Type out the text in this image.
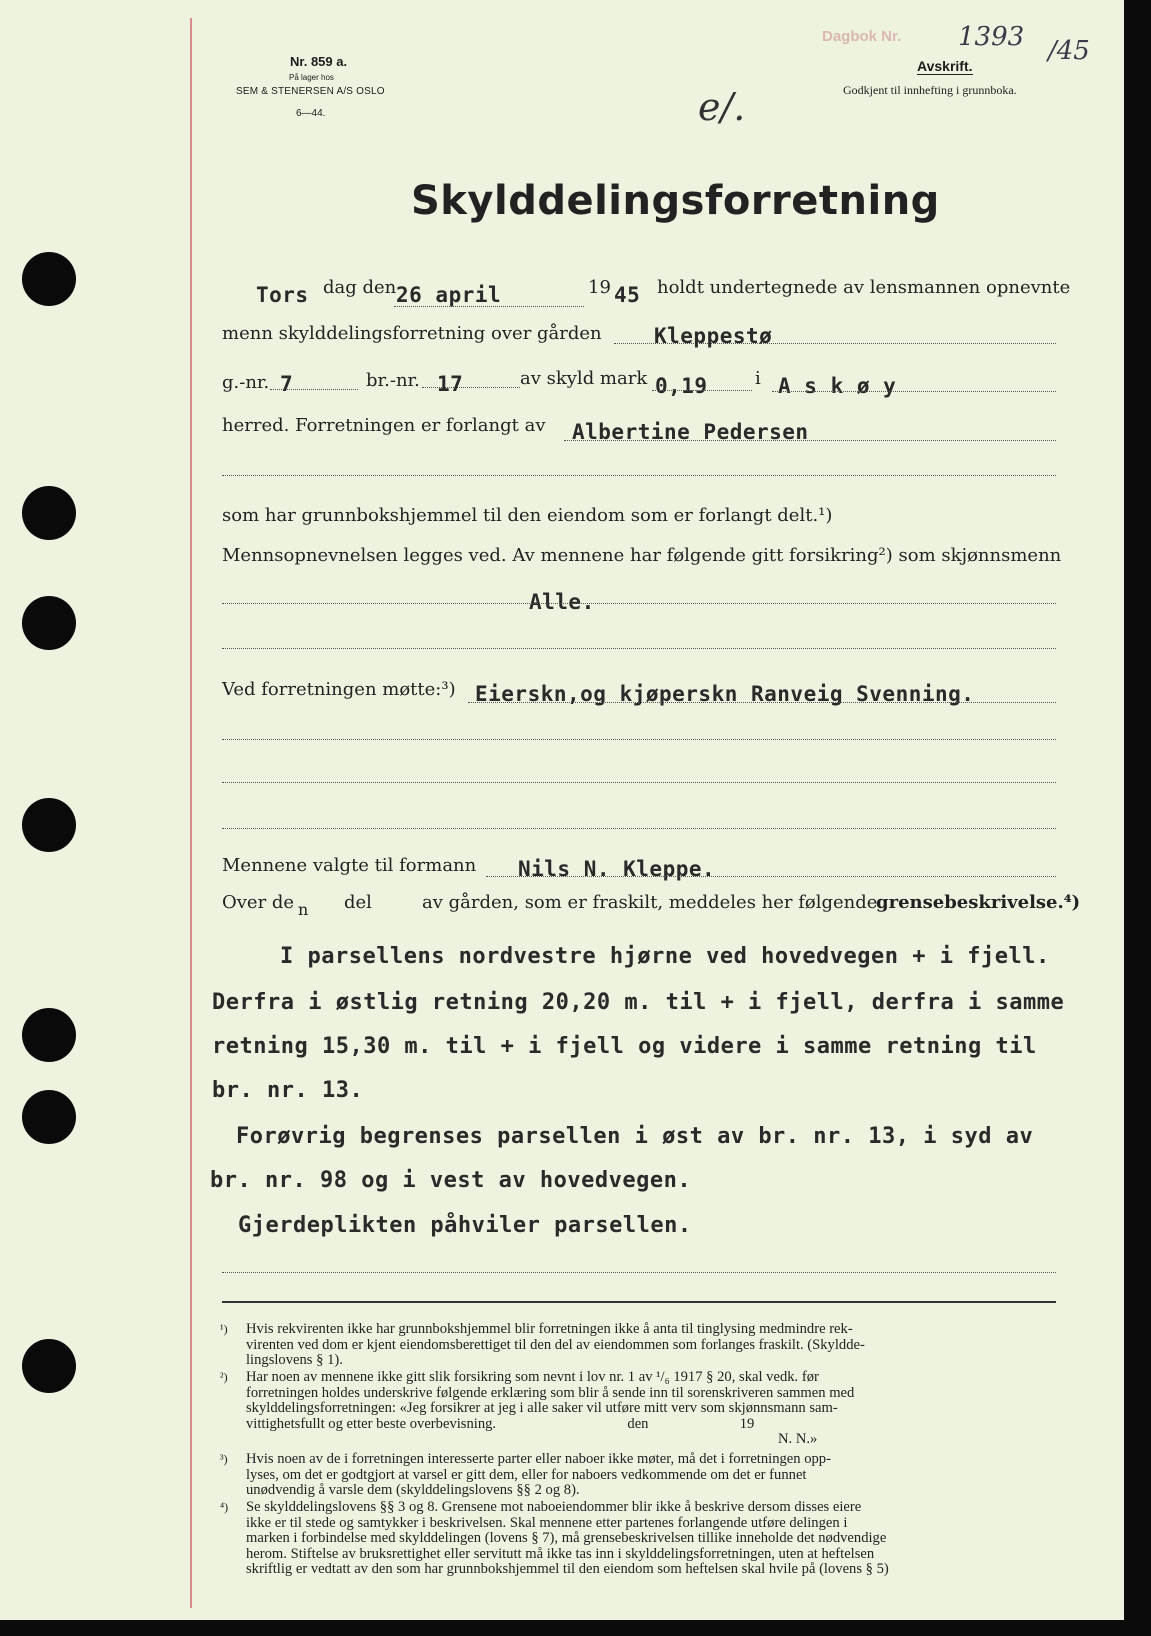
Nr. 859 a.
På lager hos
SEM & STENERSEN A/S OSLO
6—44.
Dagbok Nr. 1393 /45
Avskrift.
Godkjent til innhefting i grunnboka.
e/.
Skylddelingsforretning
Tors dag den 26 april	19 45 holdt undertegnede av lensmannen opnevnte
menn skylddelingsforretning over gården Kleppestø
g.-nr. 7	br.-nr. 17	av skyld mark 0,19	i A s k ø y
herred. Forretningen er forlangt av Albertine Pedersen
som har grunnbokshjemmel til den eiendom som er forlangt delt.¹)
Mennsopnevnelsen legges ved. Av mennene har følgende gitt forsikring²) som skjønnsmenn
Alle.
Ved forretningen møtte:³) Eierskn,og kjøperskn Ranveig Svenning.
Mennene valgte til formann Nils N. Kleppe.
Over de n del	av gården, som er fraskilt, meddeles her følgende
grensebeskrivelse.⁴)
I parsellens nordvestre hjørne ved hovedvegen + i fjell.
Derfra i østlig retning 20,20 m. til + i fjell, derfra i samme
retning 15,30 m. til + i fjell og videre i samme retning til
br. nr. 13.
Forøvrig begrenses parsellen i øst av br. nr. 13, i syd av
br. nr. 98 og i vest av hovedvegen.
Gjerdeplikten påhviler parsellen.
¹) Hvis rekvirenten ikke har grunnbokshjemmel blir forretningen ikke å anta til tinglysing medmindre rek-
virenten ved dom er kjent eiendomsberettiget til den del av eiendommen som forlanges fraskilt. (Skyldde-
lingslovens § 1).
²) Har noen av mennene ikke gitt slik forsikring som nevnt i lov nr. 1 av ¹/₆ 1917 § 20, skal vedk. før
forretningen holdes underskrive følgende erklæring som blir å sende inn til sorenskriveren sammen med
skylddelingsforretningen: «Jeg forsikrer at jeg i alle saker vil utføre mitt verv som skjønnsmann sam-
vittighetsfullt og etter beste overbevisning.                                    den                         19
N. N.»
³) Hvis noen av de i forretningen interesserte parter eller naboer ikke møter, må det i forretningen opp-
lyses, om det er godtgjort at varsel er gitt dem, eller for naboers vedkommende om det er funnet
unødvendig å varsle dem (skylddelingslovens §§ 2 og 8).
⁴) Se skylddelingslovens §§ 3 og 8. Grensene mot naboeiendommer blir ikke å beskrive dersom disses eiere
ikke er til stede og samtykker i beskrivelsen. Skal mennene etter partenes forlangende utføre delingen i
marken i forbindelse med skylddelingen (lovens § 7), må grensebeskrivelsen tillike inneholde det nødvendige
herom. Stiftelse av bruksrettighet eller servitutt må ikke tas inn i skylddelingsforretningen, uten at heftelsen
skriftlig er vedtatt av den som har grunnbokshjemmel til den eiendom som heftelsen skal hvile på (lovens § 5)
